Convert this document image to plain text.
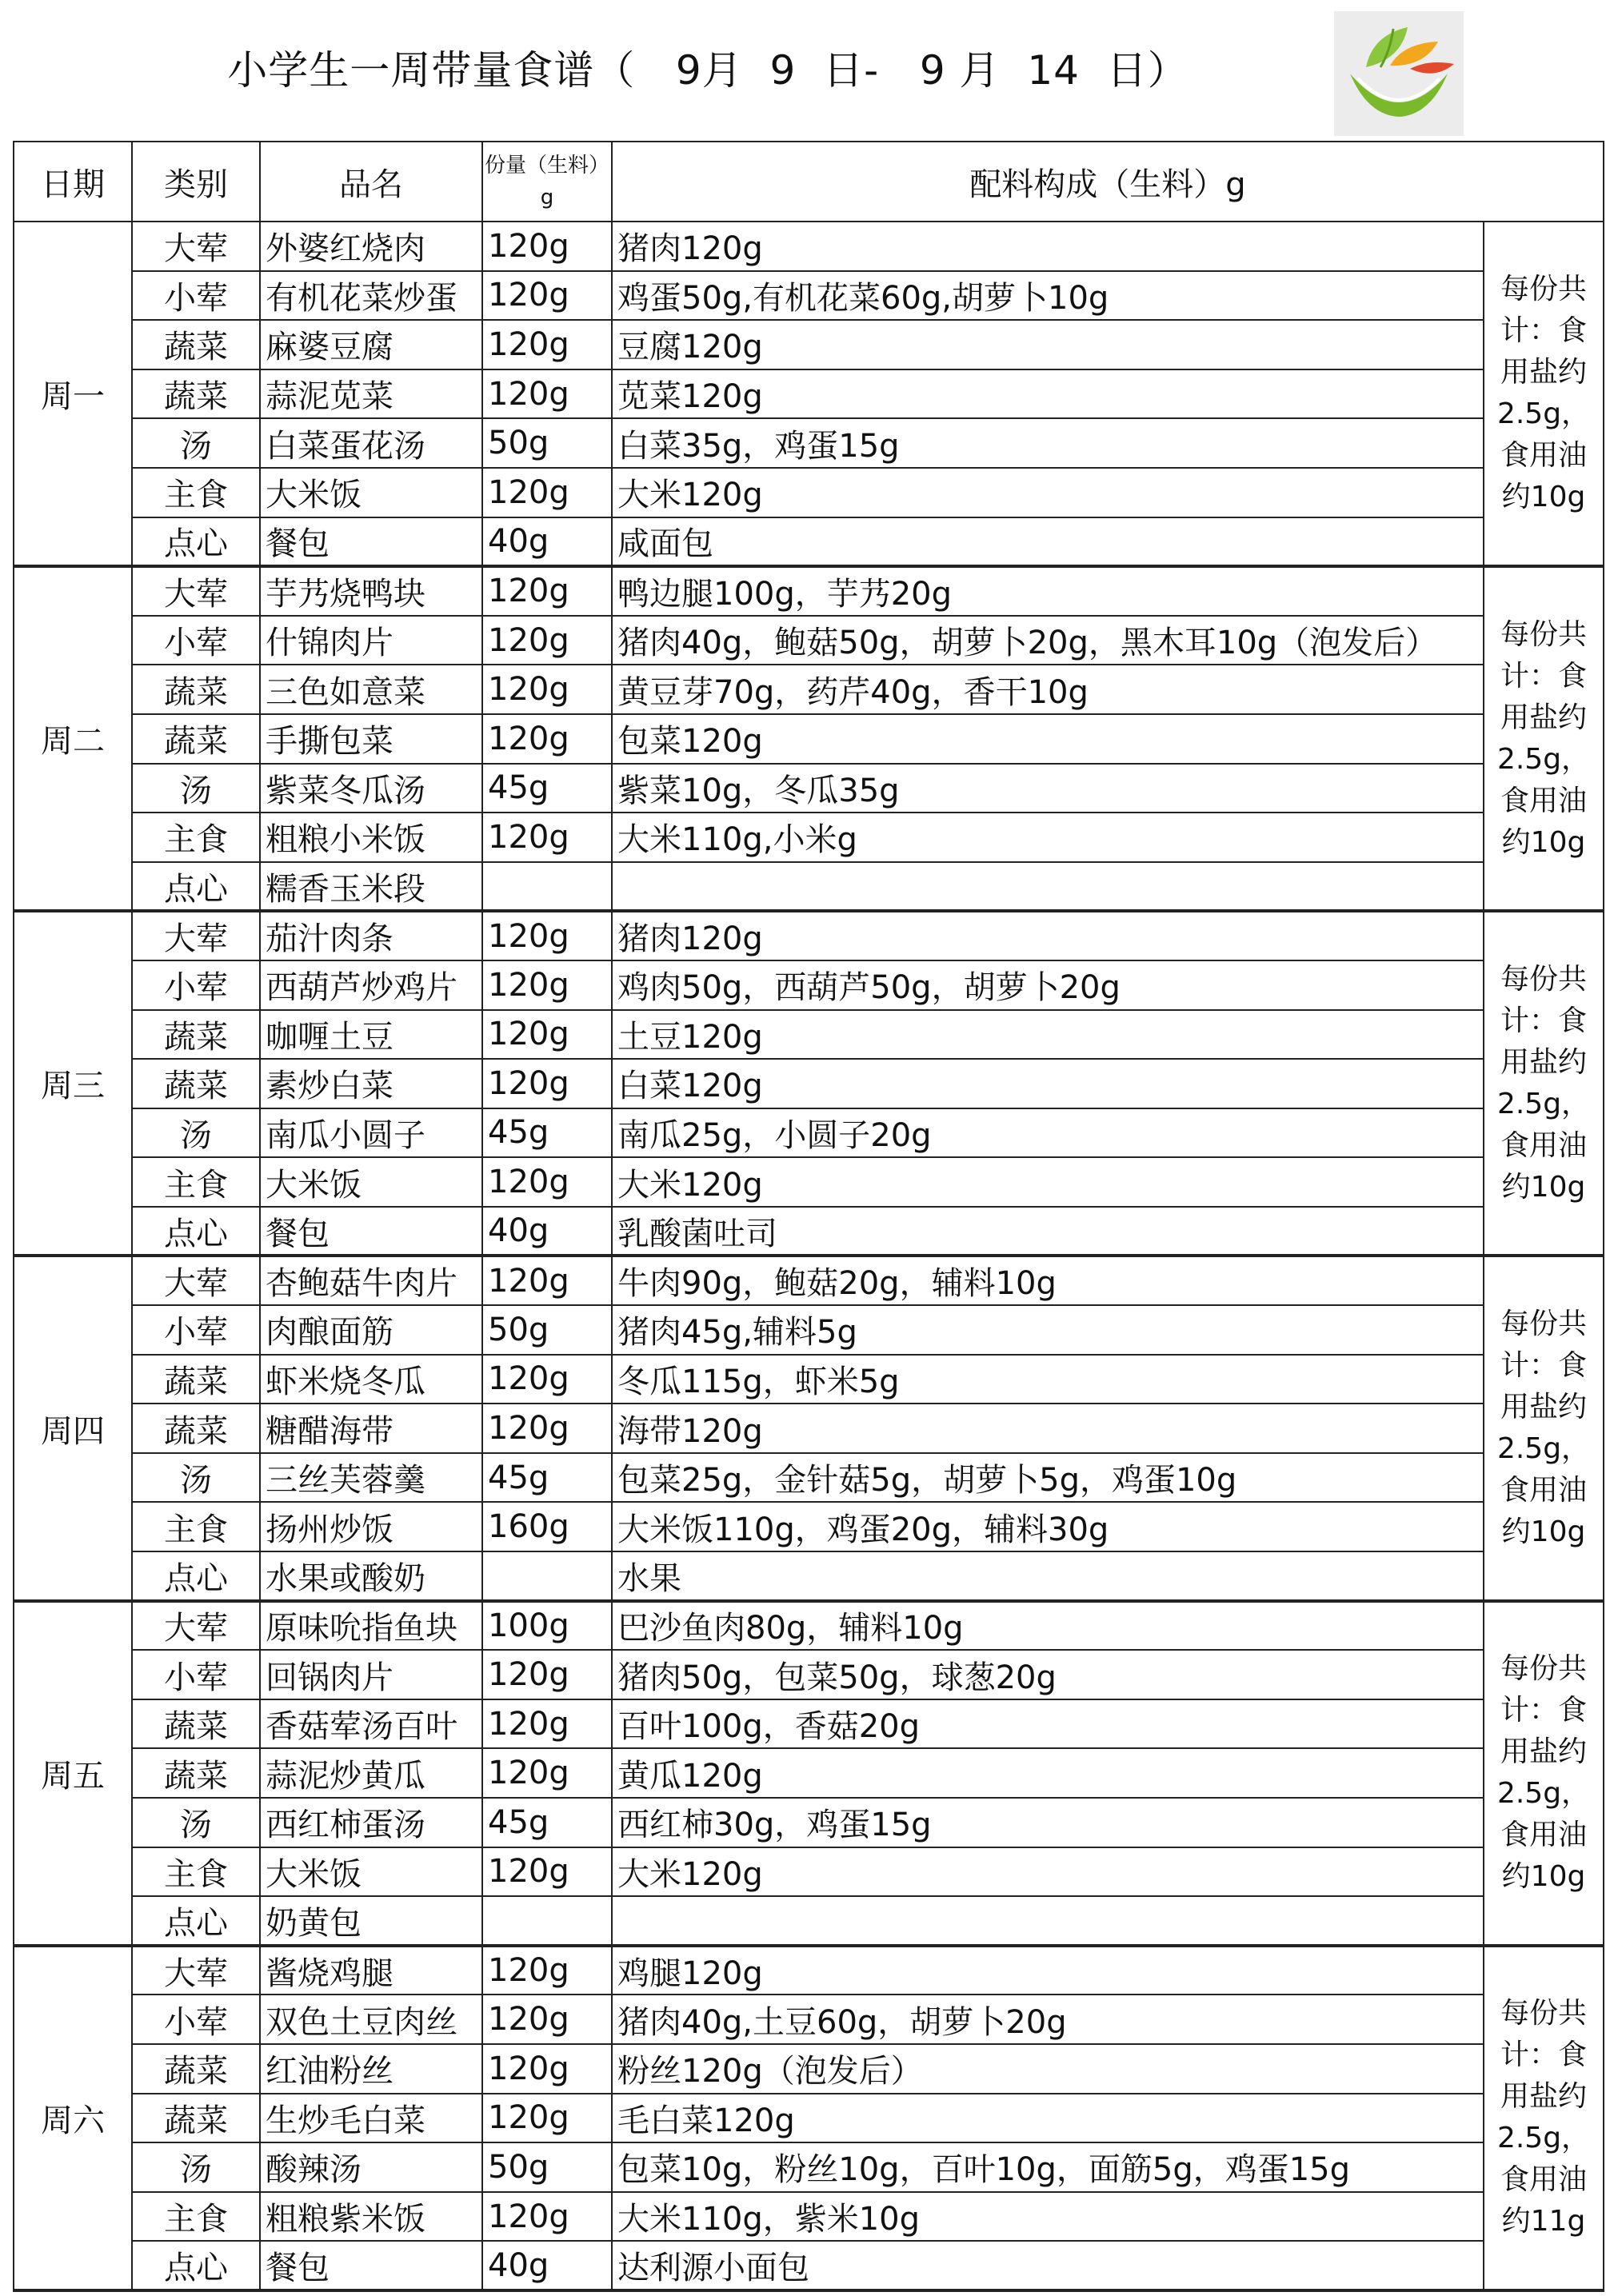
小学生一周带量食谱（   9月  9  日-   9 月  14  日）
日期	类别	品名	份量（生料）g	配料构成（生料）g	
周一	大荤	外婆红烧肉	120g	猪肉120g	每份共计：食用盐约2.5g，食用油约10g
	小荤	有机花菜炒蛋	120g	鸡蛋50g,有机花菜60g,胡萝卜10g	
	蔬菜	麻婆豆腐	120g	豆腐120g	
	蔬菜	蒜泥苋菜	120g	苋菜120g	
	汤	白菜蛋花汤	50g	白菜35g，鸡蛋15g	
	主食	大米饭	120g	大米120g	
	点心	餐包	40g	咸面包	
周二	大荤	芋艿烧鸭块	120g	鸭边腿100g，芋艿20g	每份共计：食用盐约2.5g，食用油约10g
	小荤	什锦肉片	120g	猪肉40g，鲍菇50g，胡萝卜20g，黑木耳10g（泡发后）	
	蔬菜	三色如意菜	120g	黄豆芽70g，药芹40g，香干10g	
	蔬菜	手撕包菜	120g	包菜120g	
	汤	紫菜冬瓜汤	45g	紫菜10g，冬瓜35g	
	主食	粗粮小米饭	120g	大米110g,小米g	
	点心	糯香玉米段			
周三	大荤	茄汁肉条	120g	猪肉120g	每份共计：食用盐约2.5g，食用油约10g
	小荤	西葫芦炒鸡片	120g	鸡肉50g，西葫芦50g，胡萝卜20g	
	蔬菜	咖喱土豆	120g	土豆120g	
	蔬菜	素炒白菜	120g	白菜120g	
	汤	南瓜小圆子	45g	南瓜25g，小圆子20g	
	主食	大米饭	120g	大米120g	
	点心	餐包	40g	乳酸菌吐司	
周四	大荤	杏鲍菇牛肉片	120g	牛肉90g，鲍菇20g，辅料10g	每份共计：食用盐约2.5g，食用油约10g
	小荤	肉酿面筋	50g	猪肉45g,辅料5g	
	蔬菜	虾米烧冬瓜	120g	冬瓜115g，虾米5g	
	蔬菜	糖醋海带	120g	海带120g	
	汤	三丝芙蓉羹	45g	包菜25g，金针菇5g，胡萝卜5g，鸡蛋10g	
	主食	扬州炒饭	160g	大米饭110g，鸡蛋20g，辅料30g	
	点心	水果或酸奶		水果	
周五	大荤	原味吮指鱼块	100g	巴沙鱼肉80g，辅料10g	每份共计：食用盐约2.5g，食用油约10g
	小荤	回锅肉片	120g	猪肉50g，包菜50g，球葱20g	
	蔬菜	香菇荤汤百叶	120g	百叶100g，香菇20g	
	蔬菜	蒜泥炒黄瓜	120g	黄瓜120g	
	汤	西红柿蛋汤	45g	西红柿30g，鸡蛋15g	
	主食	大米饭	120g	大米120g	
	点心	奶黄包			
周六	大荤	酱烧鸡腿	120g	鸡腿120g	每份共计：食用盐约2.5g，食用油约11g
	小荤	双色土豆肉丝	120g	猪肉40g,土豆60g，胡萝卜20g	
	蔬菜	红油粉丝	120g	粉丝120g（泡发后）	
	蔬菜	生炒毛白菜	120g	毛白菜120g	
	汤	酸辣汤	50g	包菜10g，粉丝10g，百叶10g，面筋5g，鸡蛋15g	
	主食	粗粮紫米饭	120g	大米110g，紫米10g	
	点心	餐包	40g	达利源小面包	
